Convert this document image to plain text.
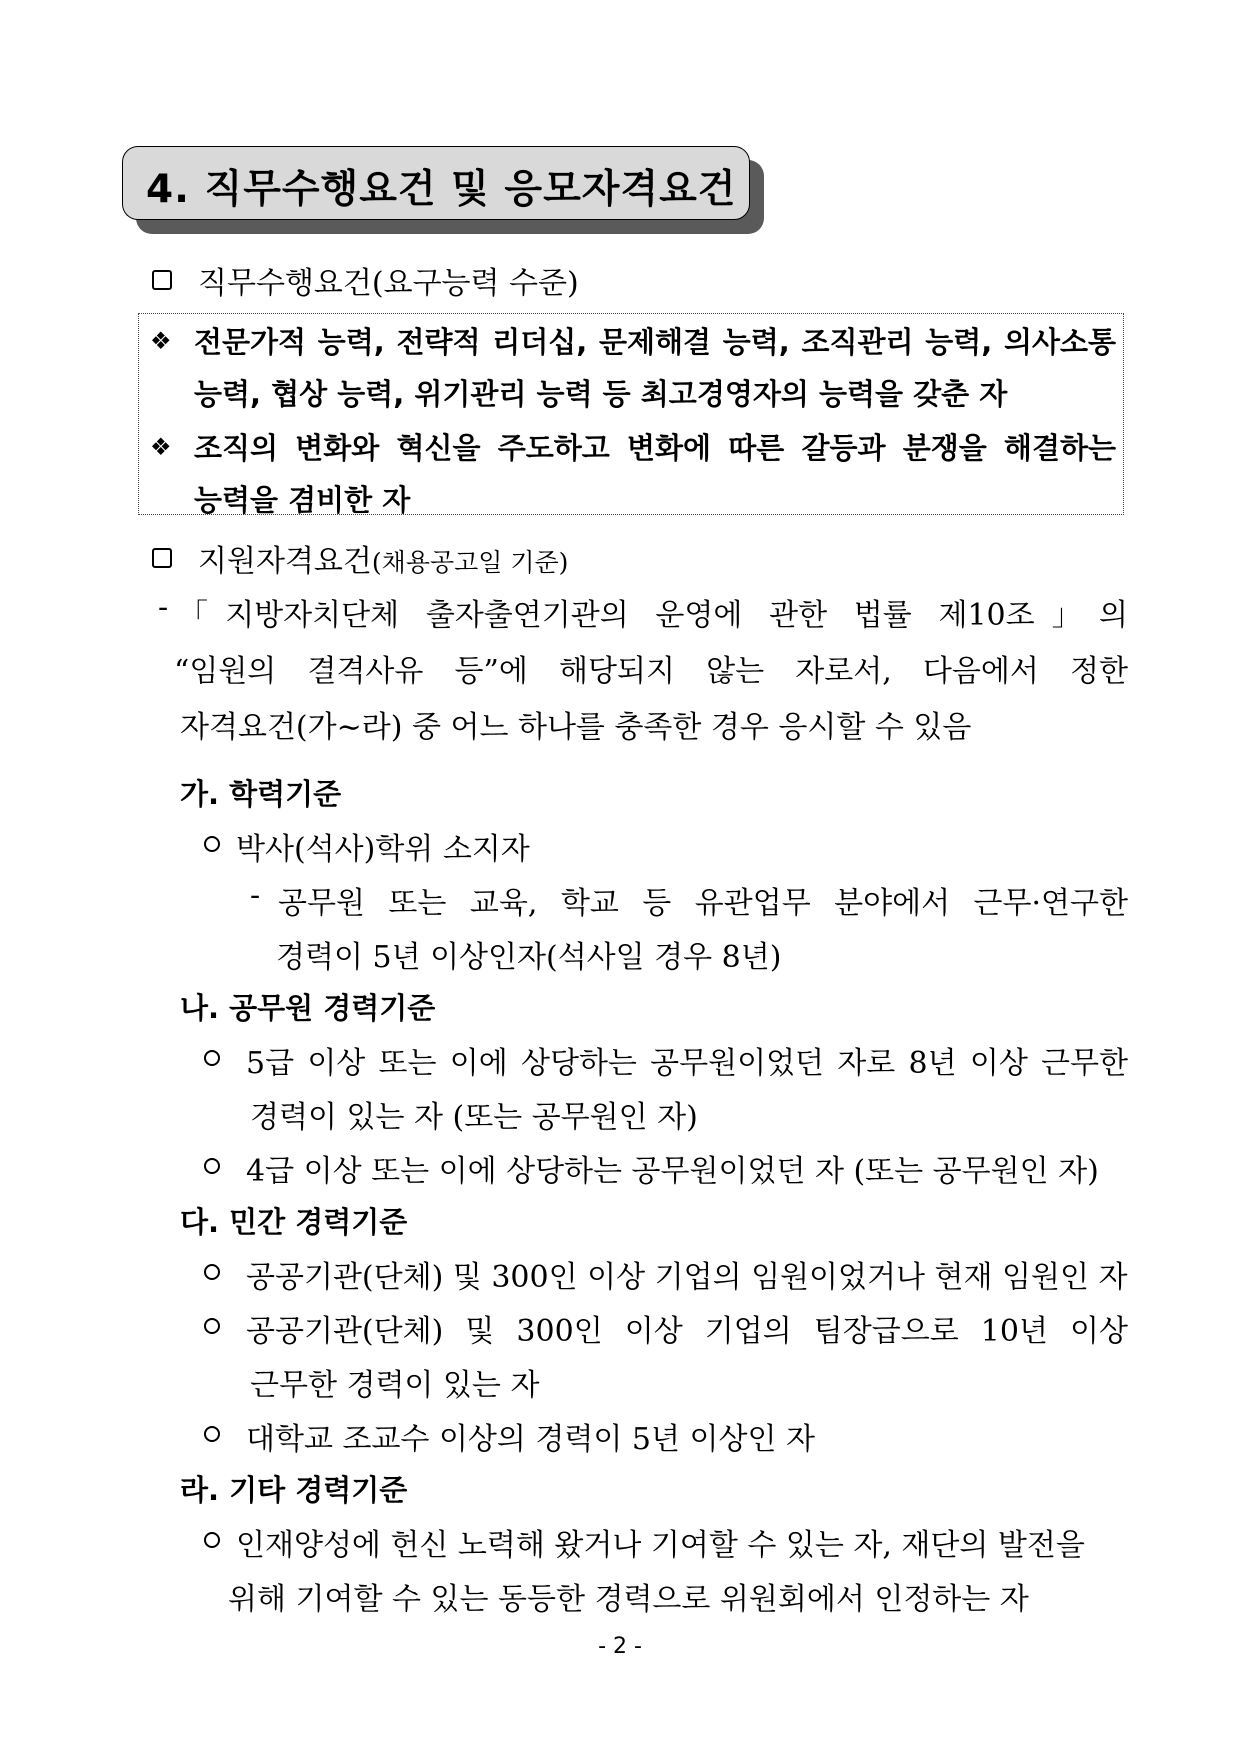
4. 직무수행요건 및 응모자격요건
직무수행요건(요구능력 수준)
❖ 전문가적 능력, 전략적 리더십, 문제해결 능력, 조직관리 능력, 의사소통
능력, 협상 능력, 위기관리 능력 등 최고경영자의 능력을 갖춘 자
❖ 조직의 변화와 혁신을 주도하고 변화에 따른 갈등과 분쟁을 해결하는
능력을 겸비한 자
지원자격요건(채용공고일 기준)
- 「지방자치단체 출자출연기관의 운영에 관한 법률 제10조」의
“임원의 결격사유 등”에 해당되지 않는 자로서, 다음에서 정한
자격요건(가∼라) 중 어느 하나를 충족한 경우 응시할 수 있음
가. 학력기준
박사(석사)학위 소지자
- 공무원 또는 교육, 학교 등 유관업무 분야에서 근무·연구한
경력이 5년 이상인자(석사일 경우 8년)
나. 공무원 경력기준
5급 이상 또는 이에 상당하는 공무원이었던 자로 8년 이상 근무한
경력이 있는 자 (또는 공무원인 자)
4급 이상 또는 이에 상당하는 공무원이었던 자 (또는 공무원인 자)
다. 민간 경력기준
공공기관(단체) 및 300인 이상 기업의 임원이었거나 현재 임원인 자
공공기관(단체) 및 300인 이상 기업의 팀장급으로 10년 이상
근무한 경력이 있는 자
대학교 조교수 이상의 경력이 5년 이상인 자
라. 기타 경력기준
인재양성에 헌신 노력해 왔거나 기여할 수 있는 자, 재단의 발전을
위해 기여할 수 있는 동등한 경력으로 위원회에서 인정하는 자
- 2 -
